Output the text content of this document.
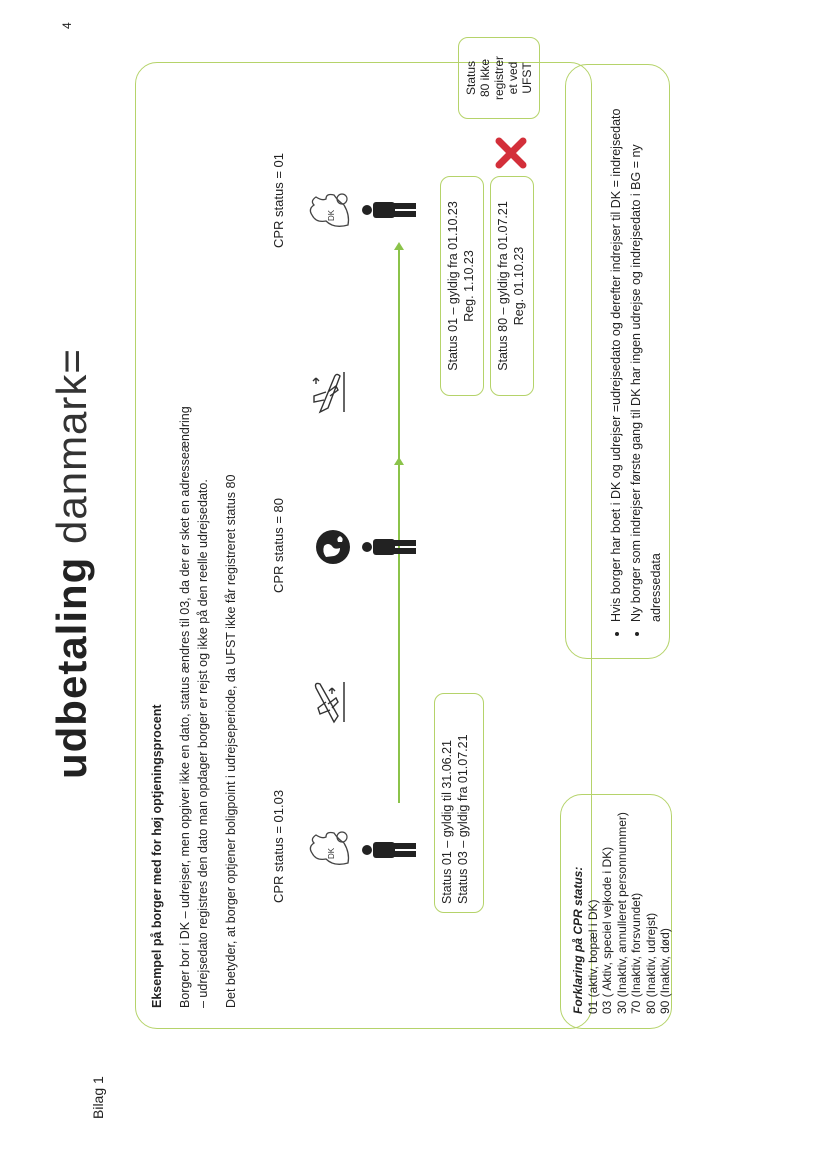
4
Bilag 1
udbetaling danmark=
Eksempel på borger med for høj optjeningsprocent Borger bor i DK – udrejser, men opgiver ikke en dato, status ændres til 03, da der er sket en adresseændring – udrejsedato registres den dato man opdager borger er rejst og ikke på den reelle udrejsedato. Det betyder, at borger optjener boligpoint i udrejseperiode, da UFST ikke får registreret status 80	CPR status = 01.03
CPR status = 80
CPR status = 01
DK
DK
Status 01 – gyldig til 31.06.21 Status 03 – gyldig fra 01.07.21
Status 01 – gyldig fra 01.10.23 Reg. 1.10.23 Status 80 – gyldig fra 01.07.21 Reg. 01.10.23
Status 80 ikke registrer et ved UFST
Forklaring på CPR status: 01 (aktiv, bopæl i DK) 03 ( Aktiv, speciel vejkode i DK) 30 (Inaktiv, annulleret personnummer) 70 (Inaktiv, forsvundet) 80 (Inaktiv, udrejst) 90 (Inaktiv, død)
• Hvis borger har boet i DK og udrejser =udrejsedato og derefter indrejser til DK = indrejsedato
• Ny borger som indrejser første gang til DK har ingen udrejse og indrejsedato i BG = ny adressedata
